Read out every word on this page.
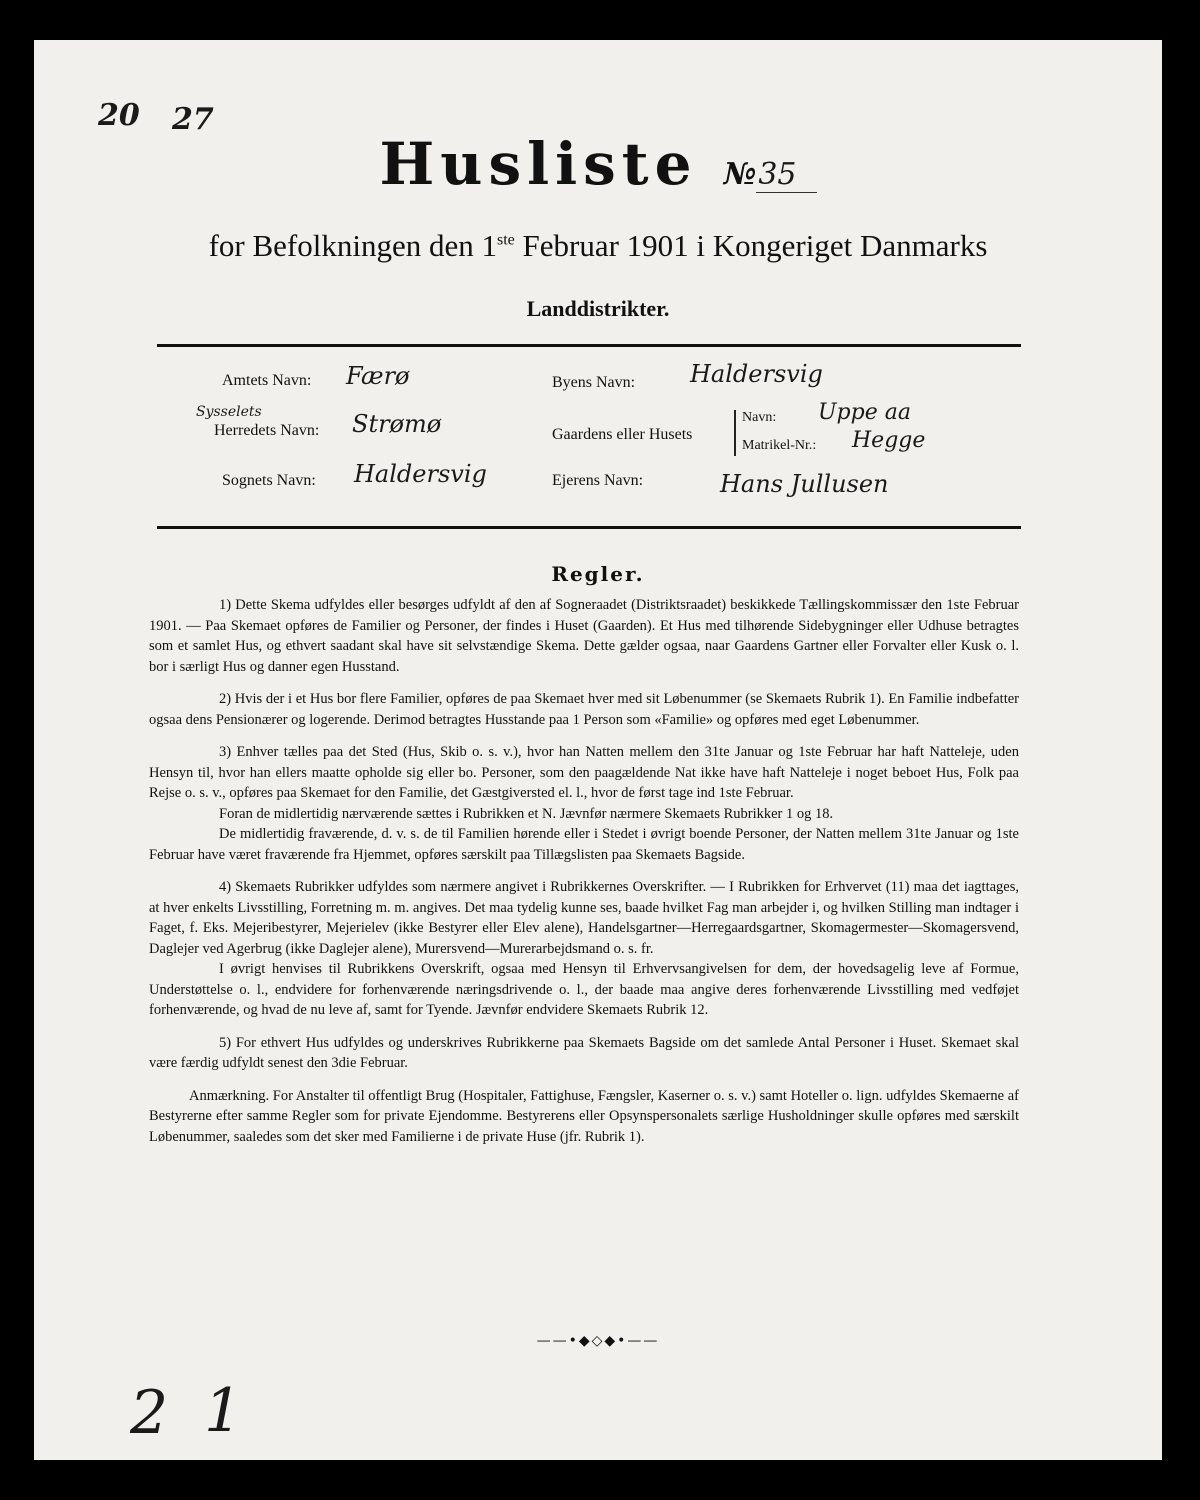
20 27
Husliste №35
for Befolkningen den 1ste Februar 1901 i Kongeriget Danmarks
Landdistrikter.
Amtets Navn: Færø
Sysselets
Herredets Navn: Strømø
Sognets Navn: Haldersvig
Byens Navn: Haldersvig
Gaardens eller Husets
Navn: Uppe aa
Matrikel-Nr.: Hegge
Ejerens Navn:	Hans Jullusen
Regler.

1) Dette Skema udfyldes eller besørges udfyldt af den af Sogneraadet (Distriktsraadet) beskikkede Tællingskommissær den 1ste Februar 1901. — Paa Skemaet opføres de Familier og Personer, der findes i Huset (Gaarden). Et Hus med tilhørende Sidebygninger eller Udhuse betragtes som et samlet Hus, og ethvert saadant skal have sit selvstændige Skema. Dette gælder ogsaa, naar Gaardens Gartner eller Forvalter eller Kusk o. l. bor i særligt Hus og danner egen Husstand.

2) Hvis der i et Hus bor flere Familier, opføres de paa Skemaet hver med sit Løbenummer (se Skemaets Rubrik 1). En Familie indbefatter ogsaa dens Pensionærer og logerende. Derimod betragtes Husstande paa 1 Person som «Familie» og opføres med eget Løbenummer.

3) Enhver tælles paa det Sted (Hus, Skib o. s. v.), hvor han Natten mellem den 31te Januar og 1ste Februar har haft Natteleje, uden Hensyn til, hvor han ellers maatte opholde sig eller bo. Personer, som den paagældende Nat ikke have haft Natteleje i noget beboet Hus, Folk paa Rejse o. s. v., opføres paa Skemaet for den Familie, det Gæstgiversted el. l., hvor de først tage ind 1ste Februar.

Foran de midlertidig nærværende sættes i Rubrikken et N. Jævnfør nærmere Skemaets Rubrikker 1 og 18.

De midlertidig fraværende, d. v. s. de til Familien hørende eller i Stedet i øvrigt boende Personer, der Natten mellem 31te Januar og 1ste Februar have været fraværende fra Hjemmet, opføres særskilt paa Tillægslisten paa Skemaets Bagside.

4) Skemaets Rubrikker udfyldes som nærmere angivet i Rubrikkernes Overskrifter. — I Rubrikken for Erhvervet (11) maa det iagttages, at hver enkelts Livsstilling, Forretning m. m. angives. Det maa tydelig kunne ses, baade hvilket Fag man arbejder i, og hvilken Stilling man indtager i Faget, f. Eks. Mejeribestyrer, Mejerielev (ikke Bestyrer eller Elev alene), Handelsgartner—Herregaardsgartner, Skomagermester—Skomagersvend, Daglejer ved Agerbrug (ikke Daglejer alene), Murersvend—Murerarbejdsmand o. s. fr.

I øvrigt henvises til Rubrikkens Overskrift, ogsaa med Hensyn til Erhvervsangivelsen for dem, der hovedsagelig leve af Formue, Understøttelse o. l., endvidere for forhenværende næringsdrivende o. l., der baade maa angive deres forhenværende Livsstilling med vedføjet forhenværende, og hvad de nu leve af, samt for Tyende. Jævnfør endvidere Skemaets Rubrik 12.

5) For ethvert Hus udfyldes og underskrives Rubrikkerne paa Skemaets Bagside om det samlede Antal Personer i Huset. Skemaet skal være færdig udfyldt senest den 3die Februar.

Anmærkning. For Anstalter til offentligt Brug (Hospitaler, Fattighuse, Fængsler, Kaserner o. s. v.) samt Hoteller o. lign. udfyldes Skemaerne af Bestyrerne efter samme Regler som for private Ejendomme. Bestyrerens eller Opsynspersonalets særlige Husholdninger skulle opføres med særskilt Løbenummer, saaledes som det sker med Familierne i de private Huse (jfr. Rubrik 1).

——•◆◇◆•——
2 1
